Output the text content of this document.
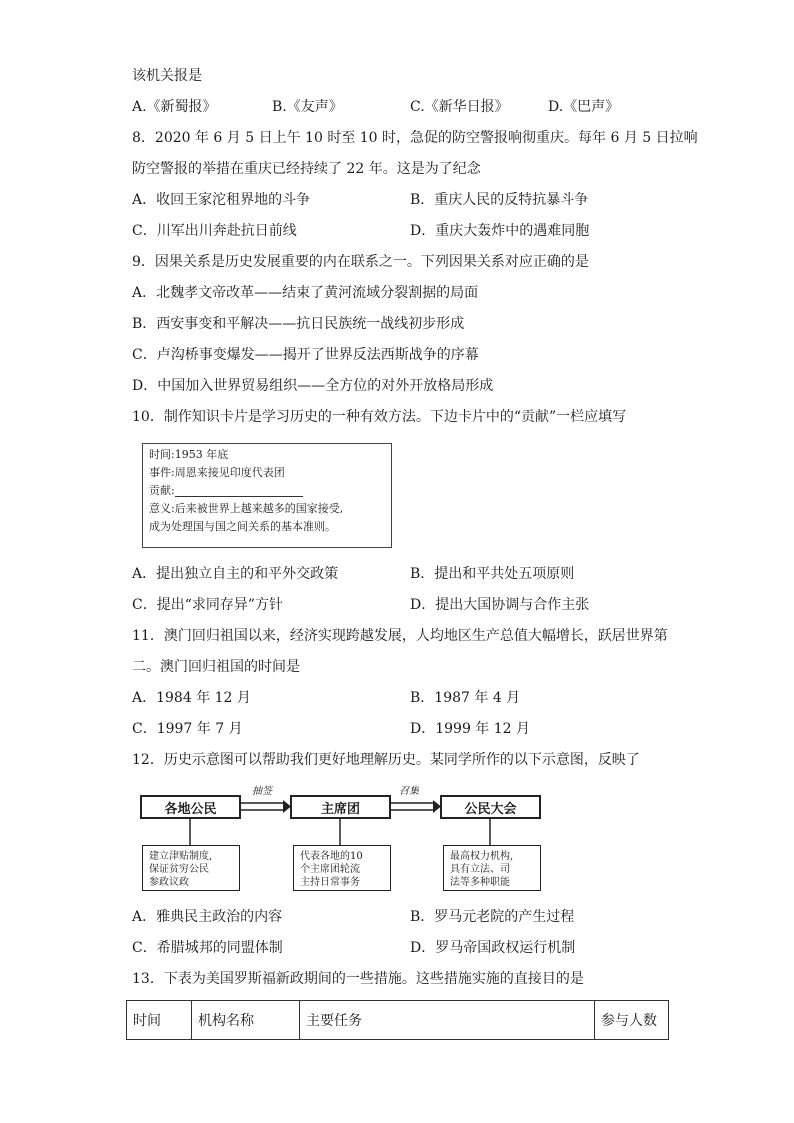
该机关报是
A.《新蜀报》	B.《友声》	C.《新华日报》	D.《巴声》
8．2020 年 6 月 5 日上午 10 时至 10 时，急促的防空警报响彻重庆。每年 6 月 5 日拉响
防空警报的举措在重庆已经持续了 22 年。这是为了纪念
A．收回王家沱租界地的斗争	B．重庆人民的反特抗暴斗争
C．川军出川奔赴抗日前线	D．重庆大轰炸中的遇难同胞
9．因果关系是历史发展重要的内在联系之一。下列因果关系对应正确的是
A．北魏孝文帝改革——结束了黄河流域分裂割据的局面
B．西安事变和平解决——抗日民族统一战线初步形成
C．卢沟桥事变爆发——揭开了世界反法西斯战争的序幕
D．中国加入世界贸易组织——全方位的对外开放格局形成
10．制作知识卡片是学习历史的一种有效方法。下边卡片中的“贡献”一栏应填写
时间:1953 年底
事件:周恩来接见印度代表团
贡献:
意义:后来被世界上越来越多的国家接受,
成为处理国与国之间关系的基本准则。
A．提出独立自主的和平外交政策	B．提出和平共处五项原则
C．提出“求同存异”方针	D．提出大国协调与合作主张
11．澳门回归祖国以来，经济实现跨越发展，人均地区生产总值大幅增长，跃居世界第
二。澳门回归祖国的时间是
A．1984 年 12 月	B．1987 年 4 月
C．1997 年 7 月	D．1999 年 12 月
12．历史示意图可以帮助我们更好地理解历史。某同学所作的以下示意图，反映了
各地公民	主席团	公民大会
抽签	召集
建立津贴制度,
保证贫穷公民
参政议政
代表各地的10
个主席团轮流
主持日常事务
最高权力机构,
具有立法、司
法等多种职能
A．雅典民主政治的内容	B．罗马元老院的产生过程
C．希腊城邦的同盟体制	D．罗马帝国政权运行机制
13．下表为美国罗斯福新政期间的一些措施。这些措施实施的直接目的是
时间	机构名称	主要任务	参与人数
